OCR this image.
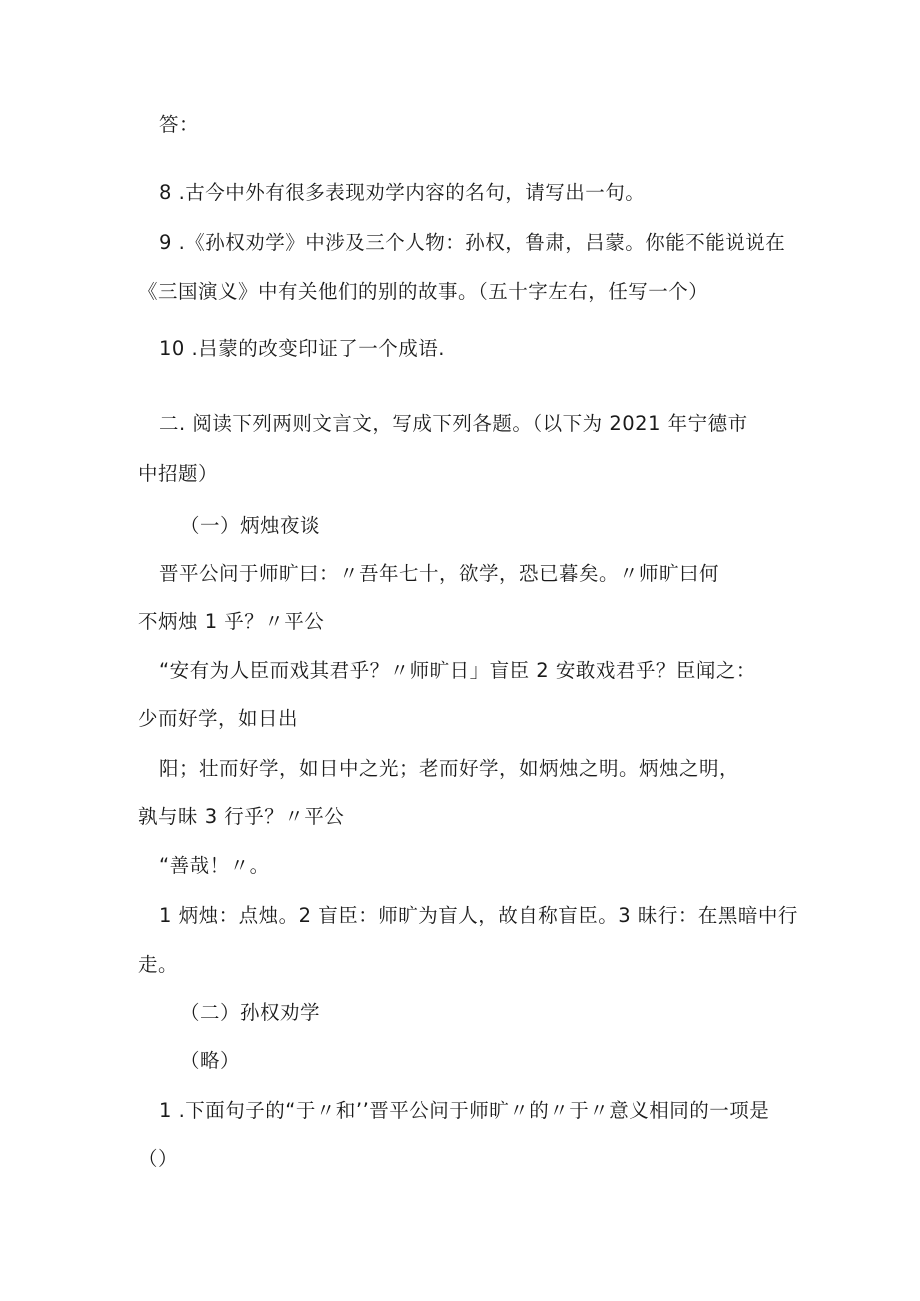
答：
8 .古今中外有很多表现劝学内容的名句，请写出一句。
9 .《孙权劝学》中涉及三个人物：孙权，鲁肃，吕蒙。你能不能说说在
《三国演义》中有关他们的别的故事。（五十字左右，任写一个）
10 .吕蒙的改变印证了一个成语.
二. 阅读下列两则文言文，写成下列各题。（以下为 2021 年宁德市
中招题）
（一）炳烛夜谈
晋平公问于师旷曰：〃吾年七十，欲学，恐已暮矣。〃师旷曰何
不炳烛 1 乎？〃平公
“安有为人臣而戏其君乎？〃师旷日」盲臣 2 安敢戏君乎？臣闻之：
少而好学，如日出
阳；壮而好学，如日中之光；老而好学，如炳烛之明。炳烛之明，
孰与昧 3 行乎？〃平公
“善哉！〃。
1 炳烛：点烛。2 盲臣：师旷为盲人，故自称盲臣。3 昧行：在黑暗中行
走。
（二）孙权劝学
（略）
1 .下面句子的“于〃和’’晋平公问于师旷〃的〃于〃意义相同的一项是
（）
